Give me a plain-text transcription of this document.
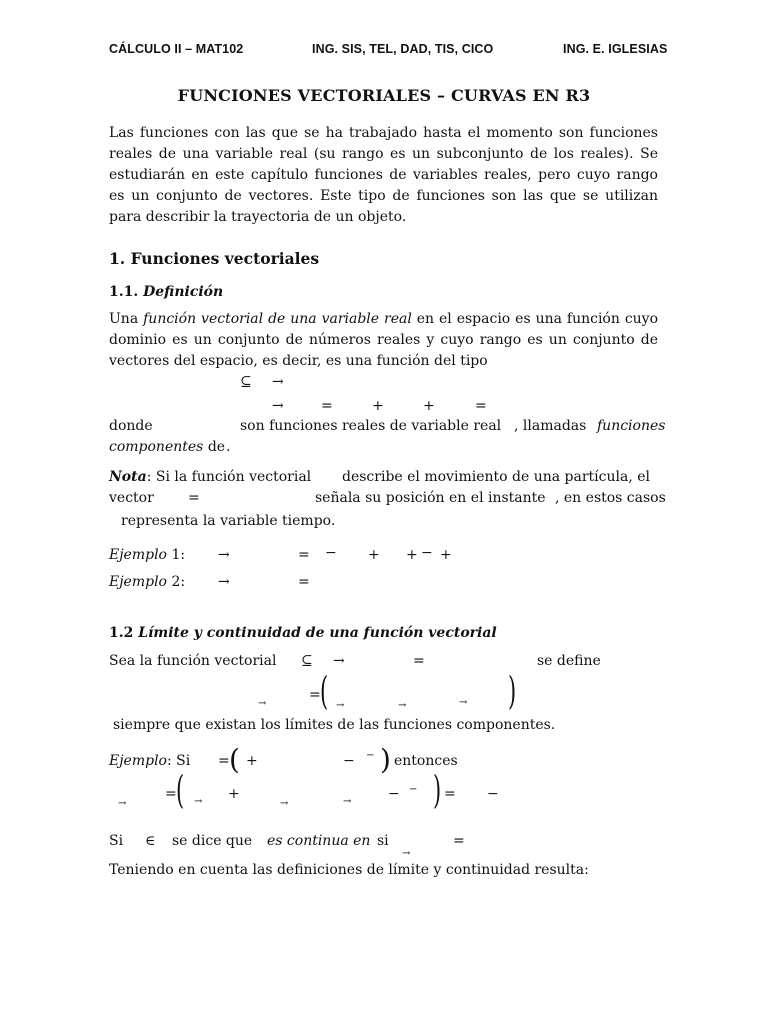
CÁLCULO II – MAT102	ING. SIS, TEL, DAD, TIS, CICO	ING. E. IGLESIAS
FUNCIONES VECTORIALES – CURVAS EN R3
Las funciones con las que se ha trabajado hasta el momento son funciones reales de una variable real (su rango es un subconjunto de los reales). Se estudiarán en este capítulo funciones de variables reales, pero cuyo rango es un conjunto de vectores. Este tipo de funciones son las que se utilizan para describir la trayectoria de un objeto.
1. Funciones vectoriales
1.1. Definición
Una función vectorial de una variable real en el espacio es una función cuyo dominio es un conjunto de números reales y cuyo rango es un conjunto de vectores del espacio, es decir, es una función del tipo
⊆ →
→	=	+	+	=
donde	son funciones reales de variable real , llamadas funciones
componentes de .
Nota: Si la función vectorial describe el movimiento de una partícula, el
vector =	señala su posición en el instante , en estos casos
representa la variable tiempo.
Ejemplo 1: →	= − + + − +
Ejemplo 2: →	=
1.2 Límite y continuidad de una función vectorial
Sea la función vectorial ⊆ →	=	se define
→
= ( →	→	→ )
siempre que existan los límites de las funciones componentes.
Ejemplo: Si = ( +	− − ) entonces
→
= ( → +
→	→	− − ) = −
Si ∈ se dice que es continua en si	=
→
Teniendo en cuenta las definiciones de límite y continuidad resulta:
